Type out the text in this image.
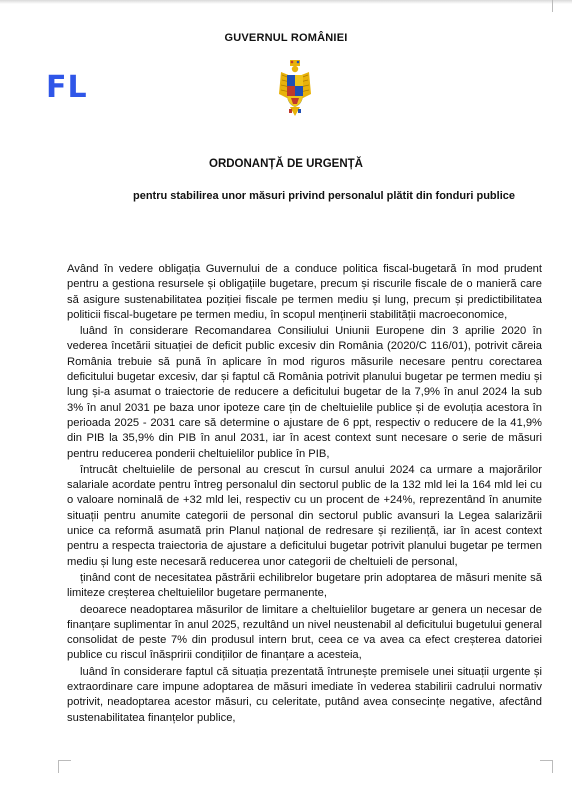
FL
GUVERNUL ROMÂNIEI
ORDONANȚĂ DE URGENȚĂ
pentru stabilirea unor măsuri privind personalul plătit din fonduri publice

Având în vedere obligația Guvernului de a conduce politica fiscal-bugetară în mod prudent pentru a gestiona resursele și obligațiile bugetare, precum și riscurile fiscale de o manieră care să asigure sustenabilitatea poziției fiscale pe termen mediu și lung, precum și predictibilitatea politicii fiscal-bugetare pe termen mediu, în scopul menținerii stabilității macroeconomice,

luând în considerare Recomandarea Consiliului Uniunii Europene din 3 aprilie 2020 în vederea încetării situației de deficit public excesiv din România (2020/C 116/01), potrivit căreia România trebuie să pună în aplicare în mod riguros măsurile necesare pentru corectarea deficitului bugetar excesiv, dar și faptul că România potrivit planului bugetar pe termen mediu și lung și-a asumat o traiectorie de reducere a deficitului bugetar de la 7,9% în anul 2024 la sub 3% în anul 2031 pe baza unor ipoteze care țin de cheltuielile publice și de evoluția acestora în perioada 2025 - 2031 care să determine o ajustare de 6 ppt, respectiv o reducere de la 41,9% din PIB la 35,9% din PIB în anul 2031, iar în acest context sunt necesare o serie de măsuri pentru reducerea ponderii cheltuielilor publice în PIB,

întrucât cheltuielile de personal au crescut în cursul anului 2024 ca urmare a majorărilor salariale acordate pentru întreg personalul din sectorul public de la 132 mld lei la 164 mld lei cu o valoare nominală de +32 mld lei, respectiv cu un procent de +24%, reprezentând în anumite situații pentru anumite categorii de personal din sectorul public avansuri la Legea salarizării unice ca reformă asumată prin Planul național de redresare și reziliență, iar în acest context pentru a respecta traiectoria de ajustare a deficitului bugetar potrivit planului bugetar pe termen mediu și lung este necesară reducerea unor categorii de cheltuieli de personal,

ținând cont de necesitatea păstrării echilibrelor bugetare prin adoptarea de măsuri menite să limiteze creșterea cheltuielilor bugetare permanente,

deoarece neadoptarea măsurilor de limitare a cheltuielilor bugetare ar genera un necesar de finanțare suplimentar în anul 2025, rezultând un nivel neustenabil al deficitului bugetului general consolidat de peste 7% din produsul intern brut, ceea ce va avea ca efect creșterea datoriei publice cu riscul înăspririi condițiilor de finanțare a acesteia,

luând în considerare faptul că situația prezentată întrunește premisele unei situații urgente și extraordinare care impune adoptarea de măsuri imediate în vederea stabilirii cadrului normativ potrivit, neadoptarea acestor măsuri, cu celeritate, putând avea consecințe negative, afectând sustenabilitatea finanțelor publice,
